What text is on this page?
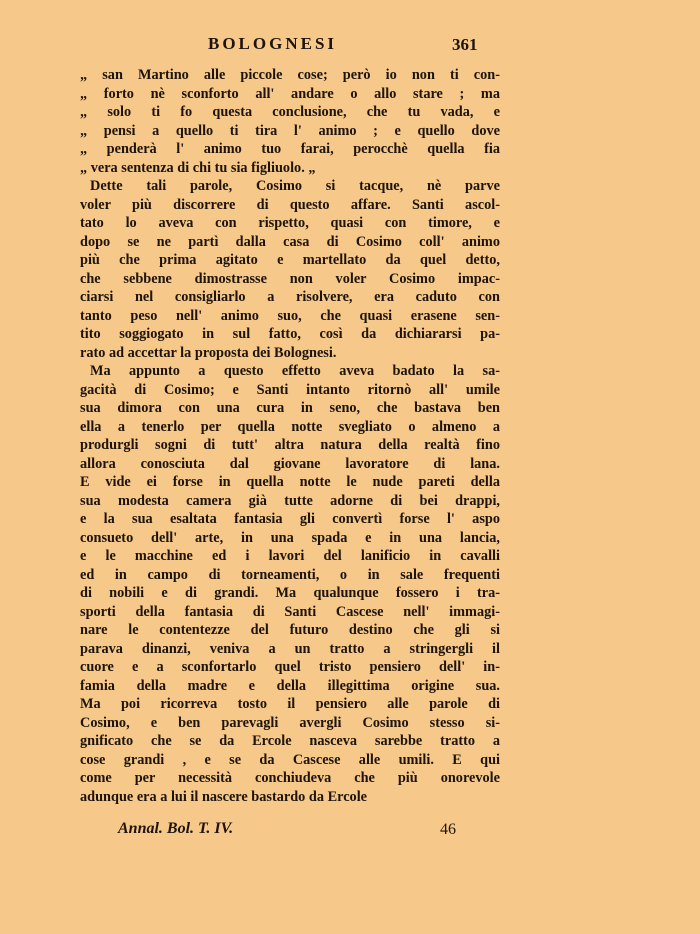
BOLOGNESI	361
„ san Martino alle piccole cose; però io non ti con-
„ forto nè sconforto all' andare o allo stare ; ma
„ solo ti fo questa conclusione, che tu vada, e
„ pensi a quello ti tira l' animo ; e quello dove
„ penderà l' animo tuo farai, perocchè quella fia
„ vera sentenza di chi tu sia figliuolo. „
Dette tali parole, Cosimo si tacque, nè parve
voler più discorrere di questo affare. Santi ascol-
tato lo aveva con rispetto, quasi con timore, e
dopo se ne partì dalla casa di Cosimo coll' animo
più che prima agitato e martellato da quel detto,
che sebbene dimostrasse non voler Cosimo impac-
ciarsi nel consigliarlo a risolvere, era caduto con
tanto peso nell' animo suo, che quasi erasene sen-
tito soggiogato in sul fatto, così da dichiararsi pa-
rato ad accettar la proposta dei Bolognesi.
Ma appunto a questo effetto aveva badato la sa-
gacità di Cosimo; e Santi intanto ritornò all' umile
sua dimora con una cura in seno, che bastava ben
ella a tenerlo per quella notte svegliato o almeno a
produrgli sogni di tutt' altra natura della realtà fino
allora conosciuta dal giovane lavoratore di lana.
E vide ei forse in quella notte le nude pareti della
sua modesta camera già tutte adorne di bei drappi,
e la sua esaltata fantasia gli convertì forse l' aspo
consueto dell' arte, in una spada e in una lancia,
e le macchine ed i lavori del lanificio in cavalli
ed in campo di torneamenti, o in sale frequenti
di nobili e di grandi. Ma qualunque fossero i tra-
sporti della fantasia di Santi Cascese nell' immagi-
nare le contentezze del futuro destino che gli si
parava dinanzi, veniva a un tratto a stringergli il
cuore e a sconfortarlo quel tristo pensiero dell' in-
famia della madre e della illegittima origine sua.
Ma poi ricorreva tosto il pensiero alle parole di
Cosimo, e ben parevagli avergli Cosimo stesso si-
gnificato che se da Ercole nasceva sarebbe tratto a
cose grandi , e se da Cascese alle umili. E qui
come per necessità conchiudeva che più onorevole
adunque era a lui il nascere bastardo da Ercole
Annal. Bol. T. IV.	46
